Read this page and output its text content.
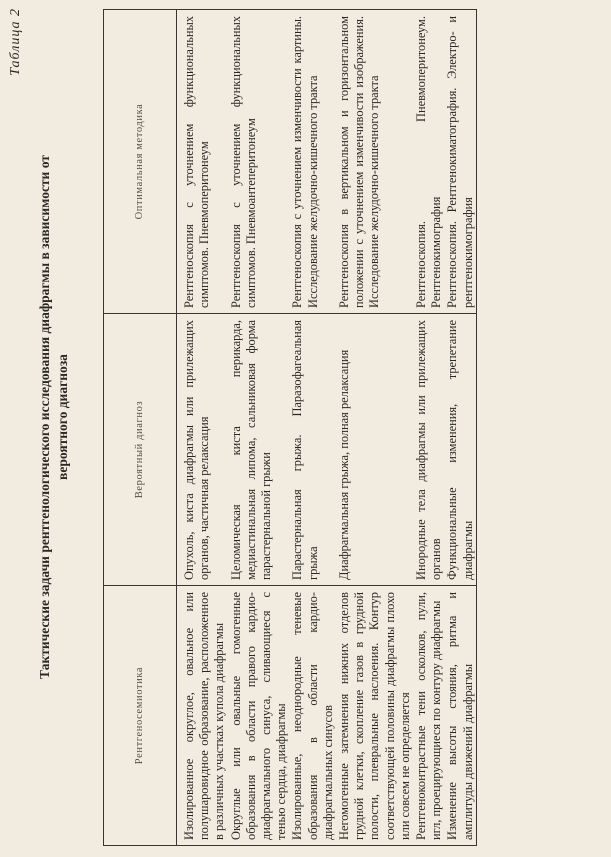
Таблица 2
Тактические задачи рентгенологического исследования диафрагмы в зависимости от вероятного диагноза
Рентгеносемиотика	Вероятный диагноз	Оптимальная методика
Изолированное округлое, овальное или полушаровидное образование, расположенное в различных участках купола диафрагмы	Опухоль, киста диафрагмы или прилежащих органов, частичная релаксация	Рентгеноскопия с уточнением функциональных симптомов. Пневмоперитонеум
Округлые или овальные гомогенные образования в области правого кардио-диафрагмального синуса, сливающиеся с тенью сердца, диафрагмы	Целомическая киста перикарда, медиастинальная липома, сальниковая форма парастернальной грыжи	Рентгеноскопия с уточнением функциональных симптомов. Пневмоантеперитонеум
Изолированные, неоднородные теневые образования в области кардио-диафрагмальных синусов	Парастернальная грыжа. Паразофагеальная грыжа	Рентгеноскопия с уточнением изменчивости картины. Исследование желудочно-кишечного тракта
Негомогенные затемнения нижних отделов грудной клетки, скопление газов в грудной полости, плевральные наслоения. Контур соответствующей половины диафрагмы плохо или совсем не определяется	Диафрагмальная грыжа, полная релаксация	Рентгеноскопия в вертикальном и горизонтальном положении с уточнением изменчивости изображения. Исследование желудочно-кишечного тракта
Рентгеноконтрастные тени осколков, пули, игл, проецирующиеся по контуру диафрагмы	Инородные тела диафрагмы или прилежащих органов	Рентгеноскопия. Пневмоперитонеум. Рентгенокимография
Изменение высоты стояния, ритма и амплитуды движений диафрагмы	Функциональные изменения, трепетание диафрагмы	Рентгеноскопия. Рентгенокиматография. Электро- и рентгенокимография
